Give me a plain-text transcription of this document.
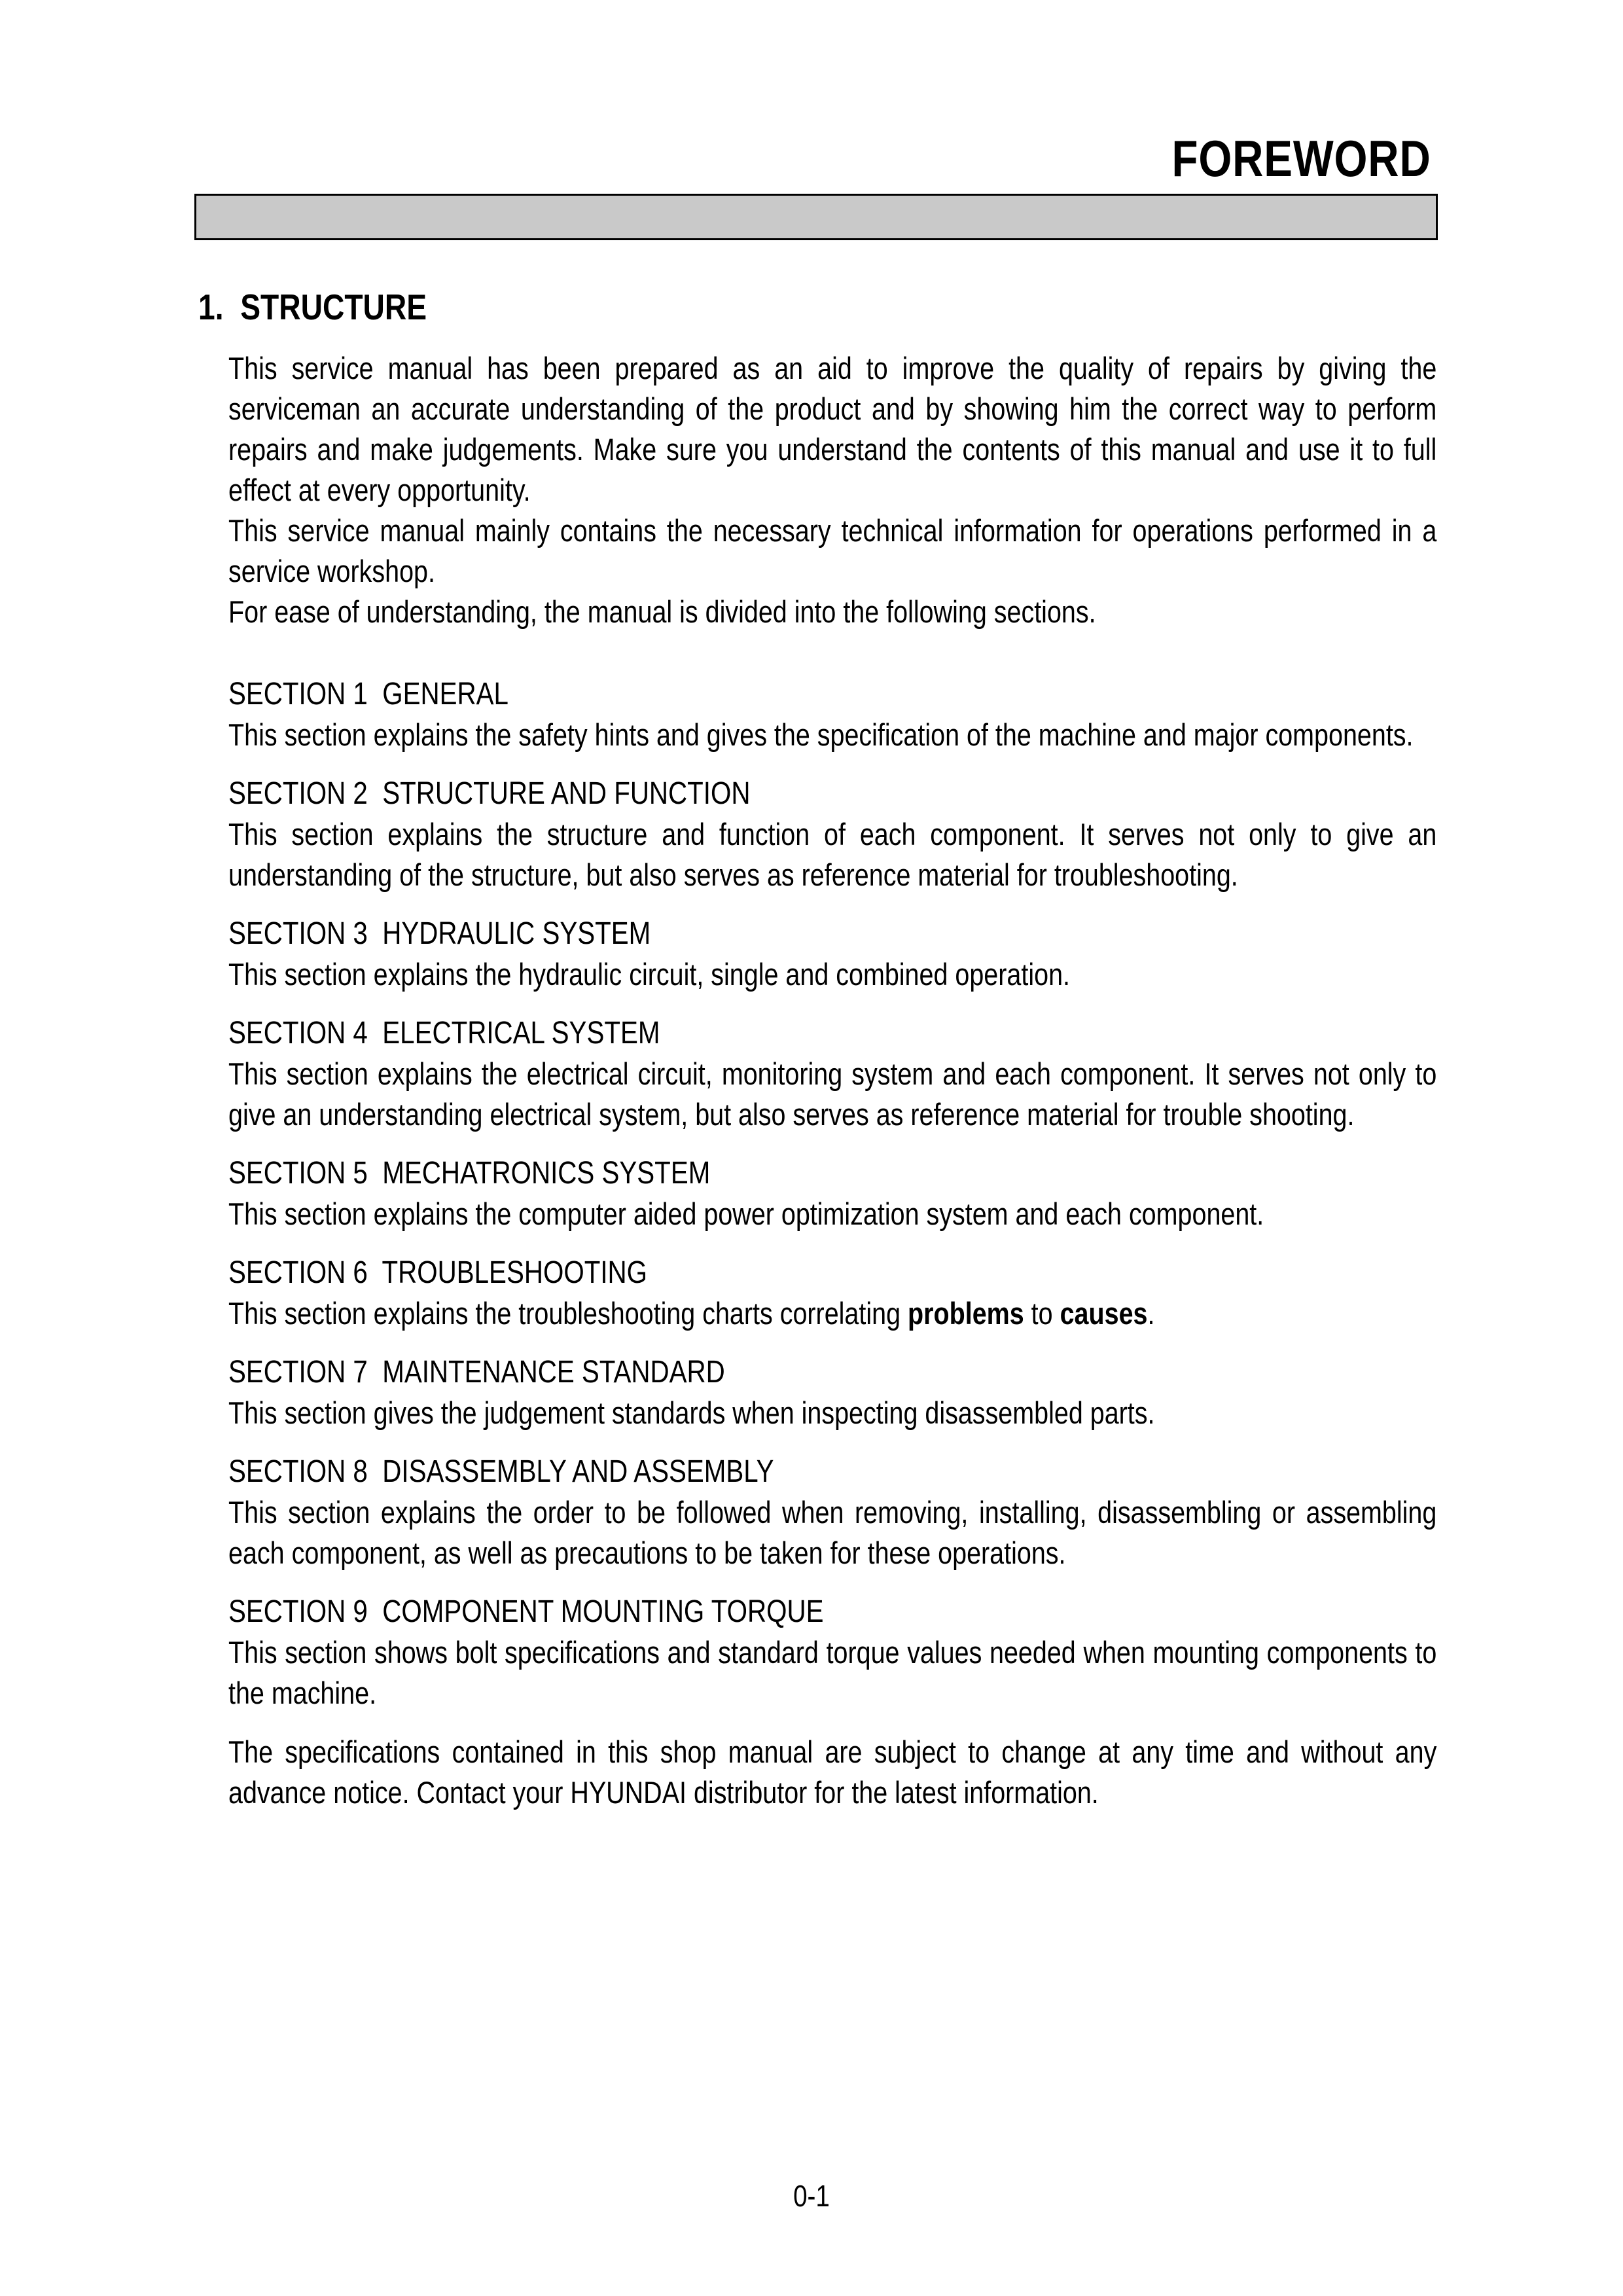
FOREWORD
1.  STRUCTURE

This service manual has been prepared as an aid to improve the quality of repairs by giving the serviceman an accurate understanding of the product and by showing him the correct way to perform repairs and make judgements. Make sure you understand the contents of this manual and use it to full effect at every opportunity.

This service manual mainly contains the necessary technical information for operations performed in a service workshop.

For ease of understanding, the manual is divided into the following sections.

SECTION 1  GENERAL

This section explains the safety hints and gives the specification of the machine and major components.

SECTION 2  STRUCTURE AND FUNCTION

This section explains the structure and function of each component. It serves not only to give an understanding of the structure, but also serves as reference material for troubleshooting.

SECTION 3  HYDRAULIC SYSTEM

This section explains the hydraulic circuit, single and combined operation.

SECTION 4  ELECTRICAL SYSTEM

This section explains the electrical circuit, monitoring system and each component. It serves not only to give an understanding electrical system, but also serves as reference material for trouble shooting.

SECTION 5  MECHATRONICS SYSTEM

This section explains the computer aided power optimization system and each component.

SECTION 6  TROUBLESHOOTING

This section explains the troubleshooting charts correlating problems to causes.

SECTION 7  MAINTENANCE STANDARD

This section gives the judgement standards when inspecting disassembled parts.

SECTION 8  DISASSEMBLY AND ASSEMBLY

This section explains the order to be followed when removing, installing, disassembling or assembling each component, as well as precautions to be taken for these operations.

SECTION 9  COMPONENT MOUNTING TORQUE

This section shows bolt specifications and standard torque values needed when mounting components to the machine.

The specifications contained in this shop manual are subject to change at any time and without any advance notice. Contact your HYUNDAI distributor for the latest information.

0-1
